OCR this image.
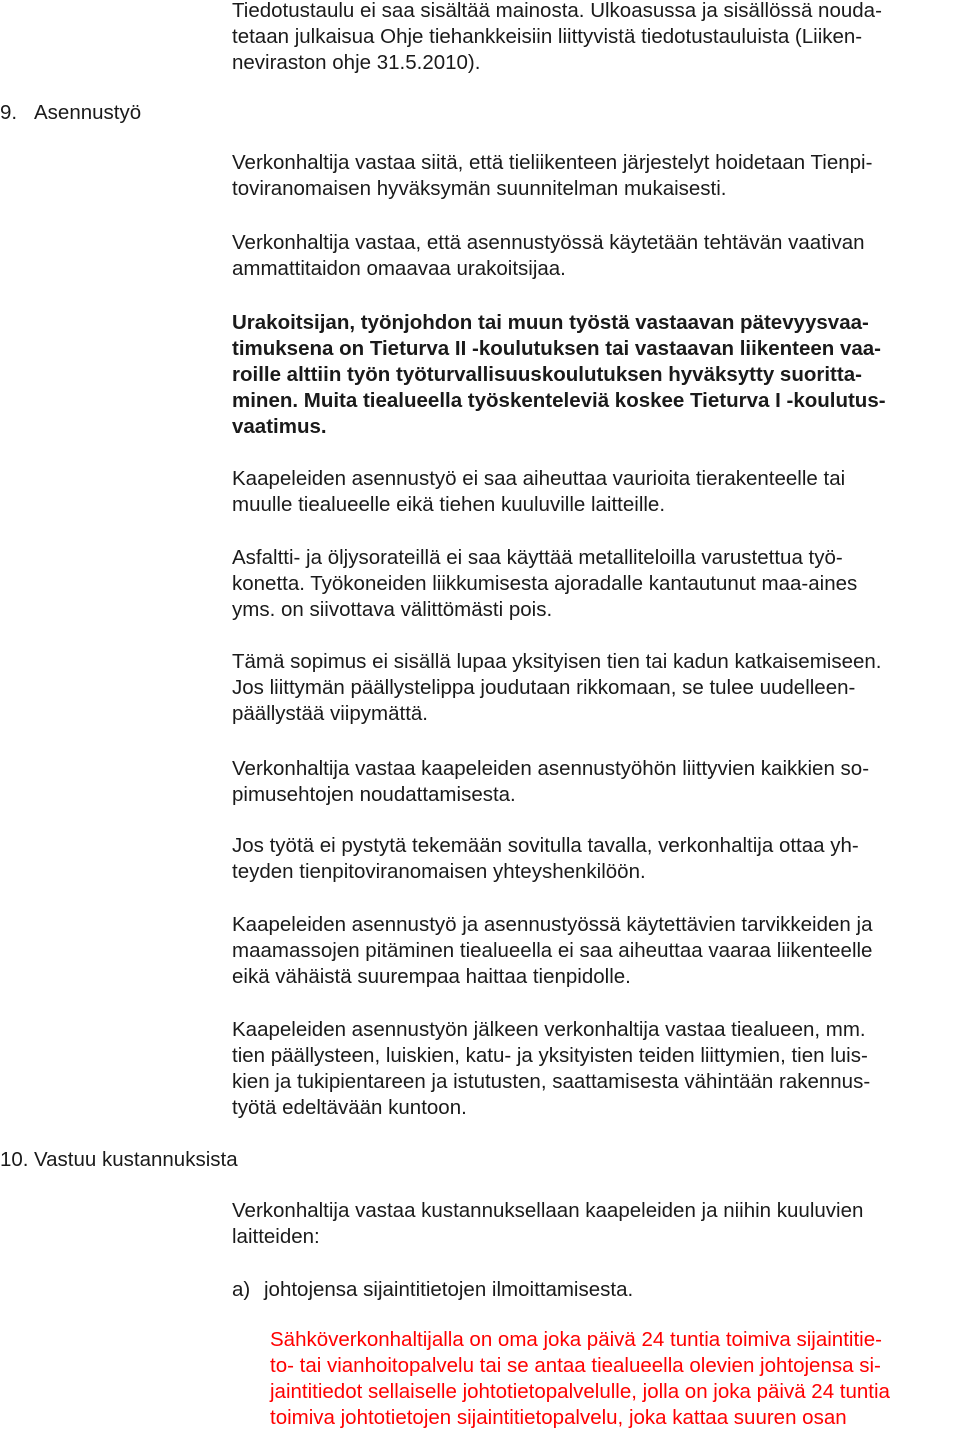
Tiedotustaulu ei saa sisältää mainosta. Ulkoasussa ja sisällössä nouda-
tetaan julkaisua Ohje tiehankkeisiin liittyvistä tiedotustauluista (Liiken-
neviraston ohje 31.5.2010).
9. Asennustyö
Verkonhaltija vastaa siitä, että tieliikenteen järjestelyt hoidetaan Tienpi-
toviranomaisen hyväksymän suunnitelman mukaisesti.
Verkonhaltija vastaa, että asennustyössä käytetään tehtävän vaativan
ammattitaidon omaavaa urakoitsijaa.
Urakoitsijan, työnjohdon tai muun työstä vastaavan pätevyysvaa-
timuksena on Tieturva II -koulutuksen tai vastaavan liikenteen vaa-
roille alttiin työn työturvallisuuskoulutuksen hyväksytty suoritta-
minen. Muita tiealueella työskenteleviä koskee Tieturva I -koulutus-
vaatimus.
Kaapeleiden asennustyö ei saa aiheuttaa vaurioita tierakenteelle tai
muulle tiealueelle eikä tiehen kuuluville laitteille.
Asfaltti- ja öljysorateillä ei saa käyttää metalliteloilla varustettua työ-
konetta. Työkoneiden liikkumisesta ajoradalle kantautunut maa-aines
yms. on siivottava välittömästi pois.
Tämä sopimus ei sisällä lupaa yksityisen tien tai kadun katkaisemiseen.
Jos liittymän päällystelippa joudutaan rikkomaan, se tulee uudelleen-
päällystää viipymättä.
Verkonhaltija vastaa kaapeleiden asennustyöhön liittyvien kaikkien so-
pimusehtojen noudattamisesta.
Jos työtä ei pystytä tekemään sovitulla tavalla, verkonhaltija ottaa yh-
teyden tienpitoviranomaisen yhteyshenkilöön.
Kaapeleiden asennustyö ja asennustyössä käytettävien tarvikkeiden ja
maamassojen pitäminen tiealueella ei saa aiheuttaa vaaraa liikenteelle
eikä vähäistä suurempaa haittaa tienpidolle.
Kaapeleiden asennustyön jälkeen verkonhaltija vastaa tiealueen, mm.
tien päällysteen, luiskien, katu- ja yksityisten teiden liittymien, tien luis-
kien ja tukipientareen ja istutusten, saattamisesta vähintään rakennus-
työtä edeltävään kuntoon.
10. Vastuu kustannuksista
Verkonhaltija vastaa kustannuksellaan kaapeleiden ja niihin kuuluvien
laitteiden:
a) johtojensa sijaintitietojen ilmoittamisesta.
Sähköverkonhaltijalla on oma joka päivä 24 tuntia toimiva sijaintitie-
to- tai vianhoitopalvelu tai se antaa tiealueella olevien johtojensa si-
jaintitiedot sellaiselle johtotietopalvelulle, jolla on joka päivä 24 tuntia
toimiva johtotietojen sijaintitietopalvelu, joka kattaa suuren osan
